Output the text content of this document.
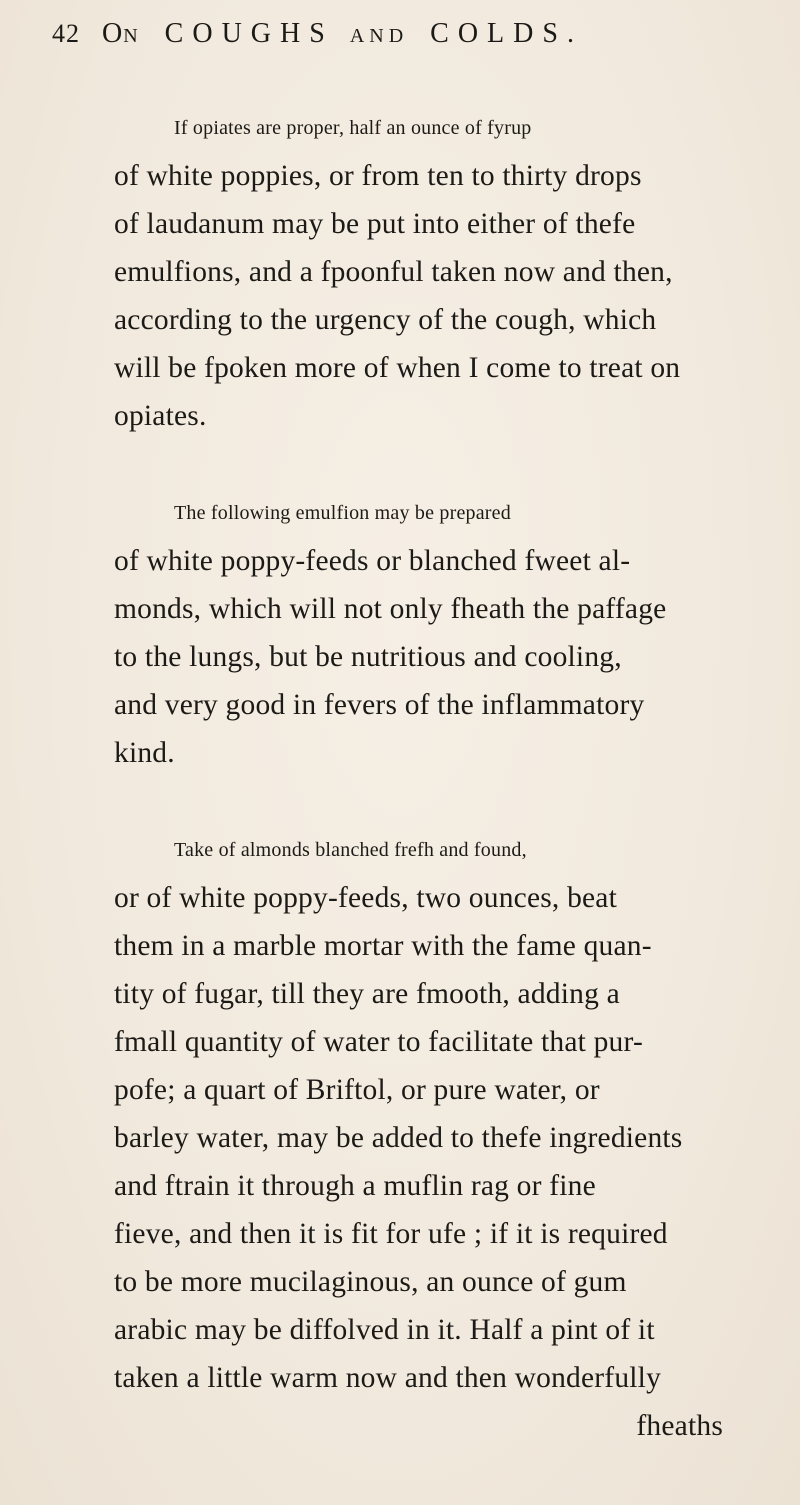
42 On COUGHS AND COLDS.
If opiates are proper, half an ounce of fyrup
of white poppies, or from ten to thirty drops
of laudanum may be put into either of thefe
emulfions, and a fpoonful taken now and then,
according to the urgency of the cough, which
will be fpoken more of when I come to treat on
opiates.
The following emulfion may be prepared
of white poppy-feeds or blanched fweet al-
monds, which will not only fheath the paffage
to the lungs, but be nutritious and cooling,
and very good in fevers of the inflammatory
kind.
Take of almonds blanched frefh and found,
or of white poppy-feeds, two ounces, beat
them in a marble mortar with the fame quan-
tity of fugar, till they are fmooth, adding a
fmall quantity of water to facilitate that pur-
pofe; a quart of Briftol, or pure water, or
barley water, may be added to thefe ingredients
and ftrain it through a muflin rag or fine
fieve, and then it is fit for ufe ; if it is required
to be more mucilaginous, an ounce of gum
arabic may be diffolved in it. Half a pint of it
taken a little warm now and then wonderfully
fheaths
